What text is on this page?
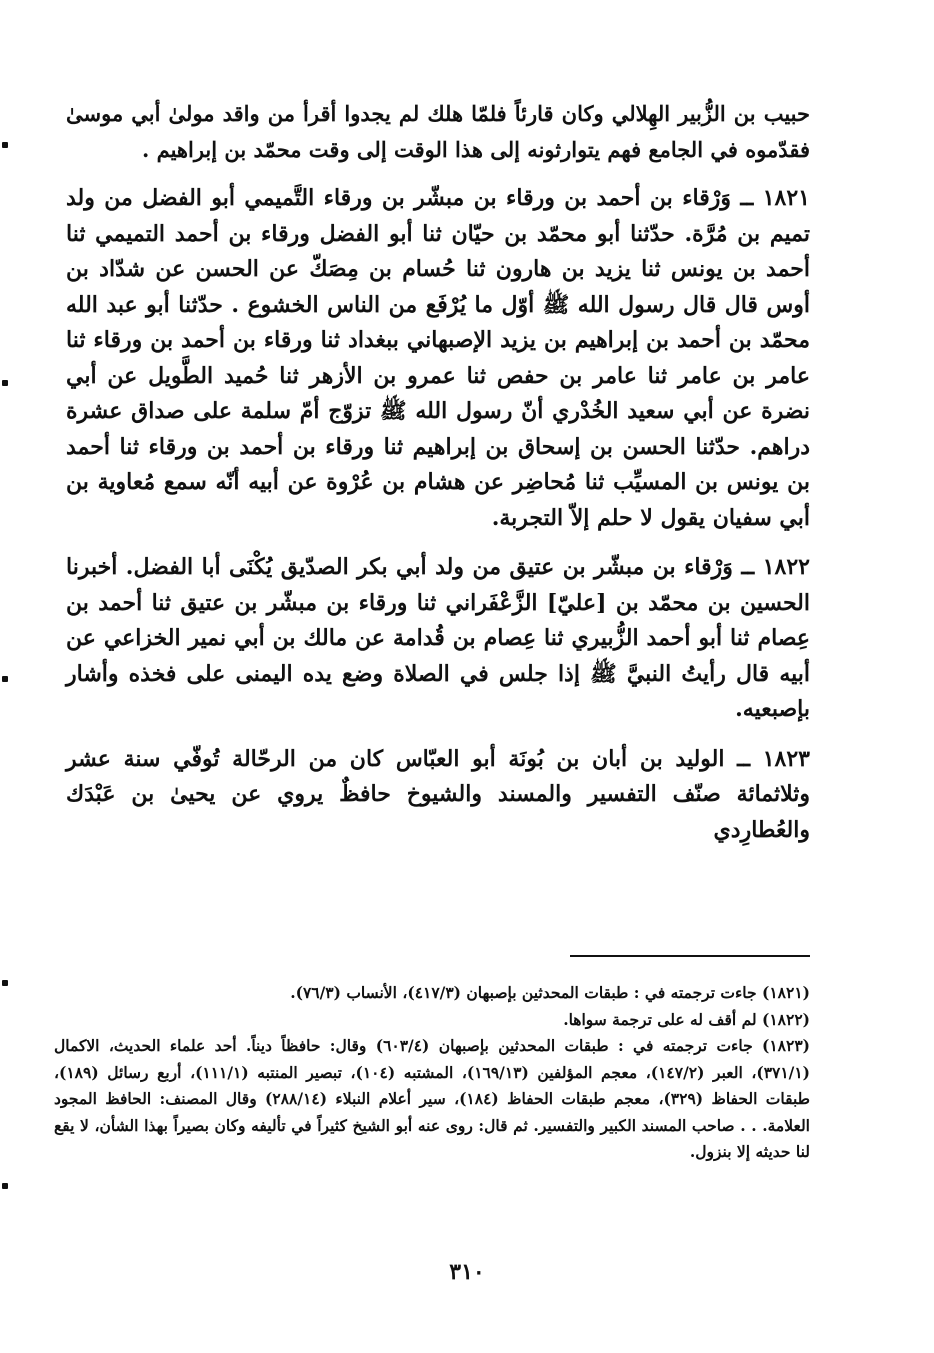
حبيب بن الزُّبير الهِلالي وكان قارئاً فلمّا هلك لم يجدوا أقرأ من واقد مولىٰ أبي موسىٰ فقدّموه في الجامع فهم يتوارثونه إلى هذا الوقت إلى وقت محمّد بن إبراهيم .

١٨٢١ ــ وَرْقاء بن أحمد بن ورقاء بن مبشّر بن ورقاء التَّميمي أبو الفضل من ولد تميم بن مُرَّة. حدّثنا أبو محمّد بن حيّان ثنا أبو الفضل ورقاء بن أحمد التميمي ثنا أحمد بن يونس ثنا يزيد بن هارون ثنا حُسام بن مِصَكّ عن الحسن عن شدّاد بن أوس قال قال رسول الله ﷺ أوّل ما يُرْفَع من الناس الخشوع . حدّثنا أبو عبد الله محمّد بن أحمد بن إبراهيم بن يزيد الإصبهاني ببغداد ثنا ورقاء بن أحمد بن ورقاء ثنا عامر بن عامر ثنا عامر بن حفص ثنا عمرو بن الأزهر ثنا حُميد الطَّويل عن أبي نضرة عن أبي سعيد الخُدْري أنّ رسول الله ﷺ تزوّج أمّ سلمة على صداق عشرة دراهم. حدّثنا الحسن بن إسحاق بن إبراهيم ثنا ورقاء بن أحمد بن ورقاء ثنا أحمد بن يونس بن المسيِّب ثنا مُحاضِر عن هشام بن عُرْوة عن أبيه أنّه سمع مُعاوية بن أبي سفيان يقول لا حلم إلاّ التجربة.

١٨٢٢ ــ وَرْقاء بن مبشّر بن عتيق من ولد أبي بكر الصدّيق يُكْنَى أبا الفضل. أخبرنا الحسين بن محمّد بن [عليّ] الزَّعْفَراني ثنا ورقاء بن مبشّر بن عتيق ثنا أحمد بن عِصام ثنا أبو أحمد الزُّبيري ثنا عِصام بن قُدامة عن مالك بن أبي نمير الخزاعي عن أبيه قال رأيتُ النبيَّ ﷺ إذا جلس في الصلاة وضع يده اليمنى على فخذه وأشار بإصبعيه.

١٨٢٣ ــ الوليد بن أبان بن بُونَة أبو العبّاس كان من الرحّالة تُوفّي سنة عشر وثلاثمائة صنّف التفسير والمسند والشيوخ حافظٌ يروي عن يحيىٰ بن عَبْدَك والعُطارِدي

(١٨٢١) جاءت ترجمته في : طبقات المحدثين بإصبهان (٤١٧/٣)، الأنساب (٧٦/٣).

(١٨٢٢) لم أقف له على ترجمة سواها.

(١٨٢٣) جاءت ترجمته في : طبقات المحدثين بإصبهان (٦٠٣/٤) وقال: حافظاً ديناً. أحد علماء الحديث، الاكمال (٣٧١/١)، العبر (١٤٧/٢)، معجم المؤلفين (١٦٩/١٣)، المشتبه (١٠٤)، تبصير المنتبه (١١١/١)، أربع رسائل (١٨٩)، طبقات الحفاظ (٣٢٩)، معجم طبقات الحفاظ (١٨٤)، سير أعلام النبلاء (٢٨٨/١٤) وقال المصنف: الحافظ المجود العلامة. . . صاحب المسند الكبير والتفسير. ثم قال: روى عنه أبو الشيخ كثيراً في تأليفه وكان بصيراً بهذا الشأن، لا يقع لنا حديثه إلا بنزول.

٣١٠
